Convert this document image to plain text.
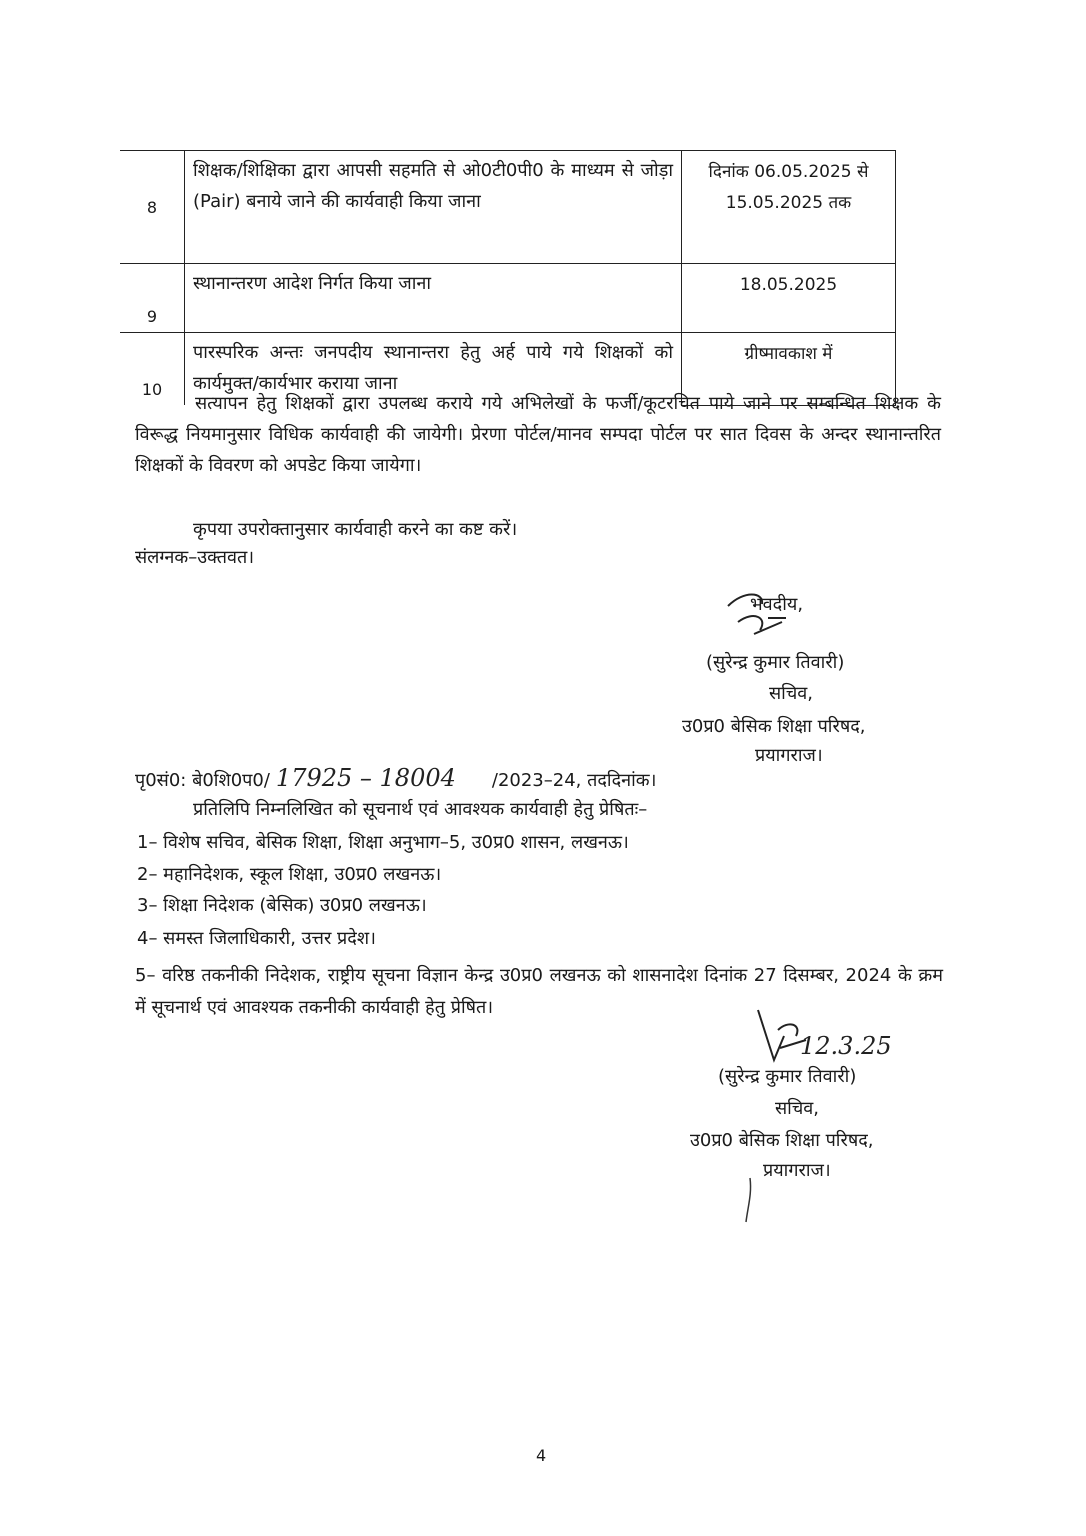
8	शिक्षक/शिक्षिका द्वारा आपसी सहमति से ओ0टी0पी0 के माध्यम से जोड़ा (Pair) बनाये जाने की कार्यवाही किया जाना	दिनांक 06.05.2025 से
15.05.2025 तक

9	स्थानान्तरण आदेश निर्गत किया जाना	18.05.2025

10	पारस्परिक अन्तः जनपदीय स्थानान्तरा हेतु अर्ह पाये गये शिक्षकों को कार्यमुक्त/कार्यभार कराया जाना	ग्रीष्मावकाश में
सत्यापन हेतु शिक्षकों द्वारा उपलब्ध कराये गये अभिलेखों के फर्जी/कूटरचित पाये जाने पर सम्बन्धित शिक्षक के विरूद्ध नियमानुसार विधिक कार्यवाही की जायेगी। प्रेरणा पोर्टल/मानव सम्पदा पोर्टल पर सात दिवस के अन्दर स्थानान्तरित शिक्षकों के विवरण को अपडेट किया जायेगा।
कृपया उपरोक्तानुसार कार्यवाही करने का कष्ट करें।
संलग्नक–उक्तवत।
भवदीय,
(सुरेन्द्र कुमार तिवारी)
सचिव,
उ0प्र0 बेसिक शिक्षा परिषद,
प्रयागराज।
पृ0सं0: बे0शि0प0/ 17925 – 18004 /2023–24, तददिनांक।
प्रतिलिपि निम्नलिखित को सूचनार्थ एवं आवश्यक कार्यवाही हेतु प्रेषितः–
1– विशेष सचिव, बेसिक शिक्षा, शिक्षा अनुभाग–5, उ0प्र0 शासन, लखनऊ।
2– महानिदेशक, स्कूल शिक्षा, उ0प्र0 लखनऊ।
3– शिक्षा निदेशक (बेसिक) उ0प्र0 लखनऊ।
4– समस्त जिलाधिकारी, उत्तर प्रदेश।
5– वरिष्ठ तकनीकी निदेशक, राष्ट्रीय सूचना विज्ञान केन्द्र उ0प्र0 लखनऊ को शासनादेश दिनांक 27 दिसम्बर, 2024 के क्रम में सूचनार्थ एवं आवश्यक तकनीकी कार्यवाही हेतु प्रेषित।
12.3.25
(सुरेन्द्र कुमार तिवारी)
सचिव,
उ0प्र0 बेसिक शिक्षा परिषद,
प्रयागराज।
4
